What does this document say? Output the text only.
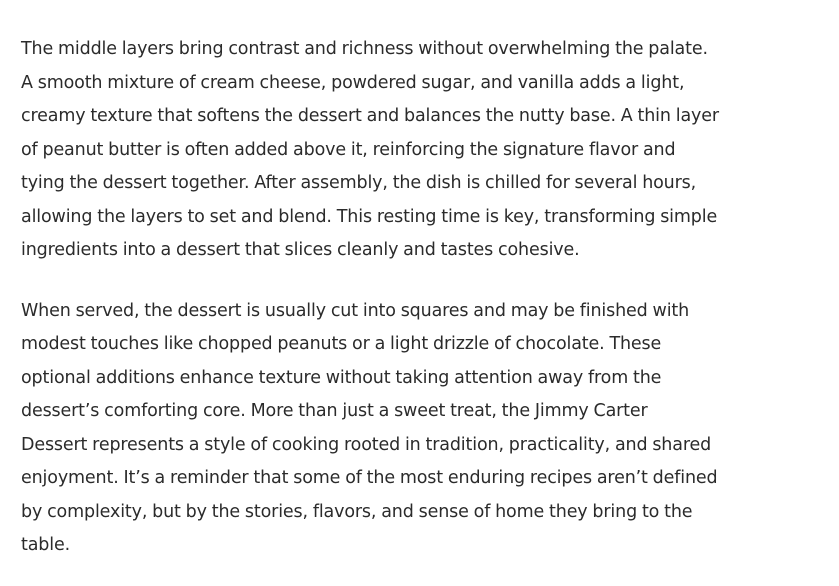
The middle layers bring contrast and richness without overwhelming the palate.
A smooth mixture of cream cheese, powdered sugar, and vanilla adds a light,
creamy texture that softens the dessert and balances the nutty base. A thin layer
of peanut butter is often added above it, reinforcing the signature flavor and
tying the dessert together. After assembly, the dish is chilled for several hours,
allowing the layers to set and blend. This resting time is key, transforming simple
ingredients into a dessert that slices cleanly and tastes cohesive.

When served, the dessert is usually cut into squares and may be finished with
modest touches like chopped peanuts or a light drizzle of chocolate. These
optional additions enhance texture without taking attention away from the
dessert’s comforting core. More than just a sweet treat, the Jimmy Carter
Dessert represents a style of cooking rooted in tradition, practicality, and shared
enjoyment. It’s a reminder that some of the most enduring recipes aren’t defined
by complexity, but by the stories, flavors, and sense of home they bring to the
table.
